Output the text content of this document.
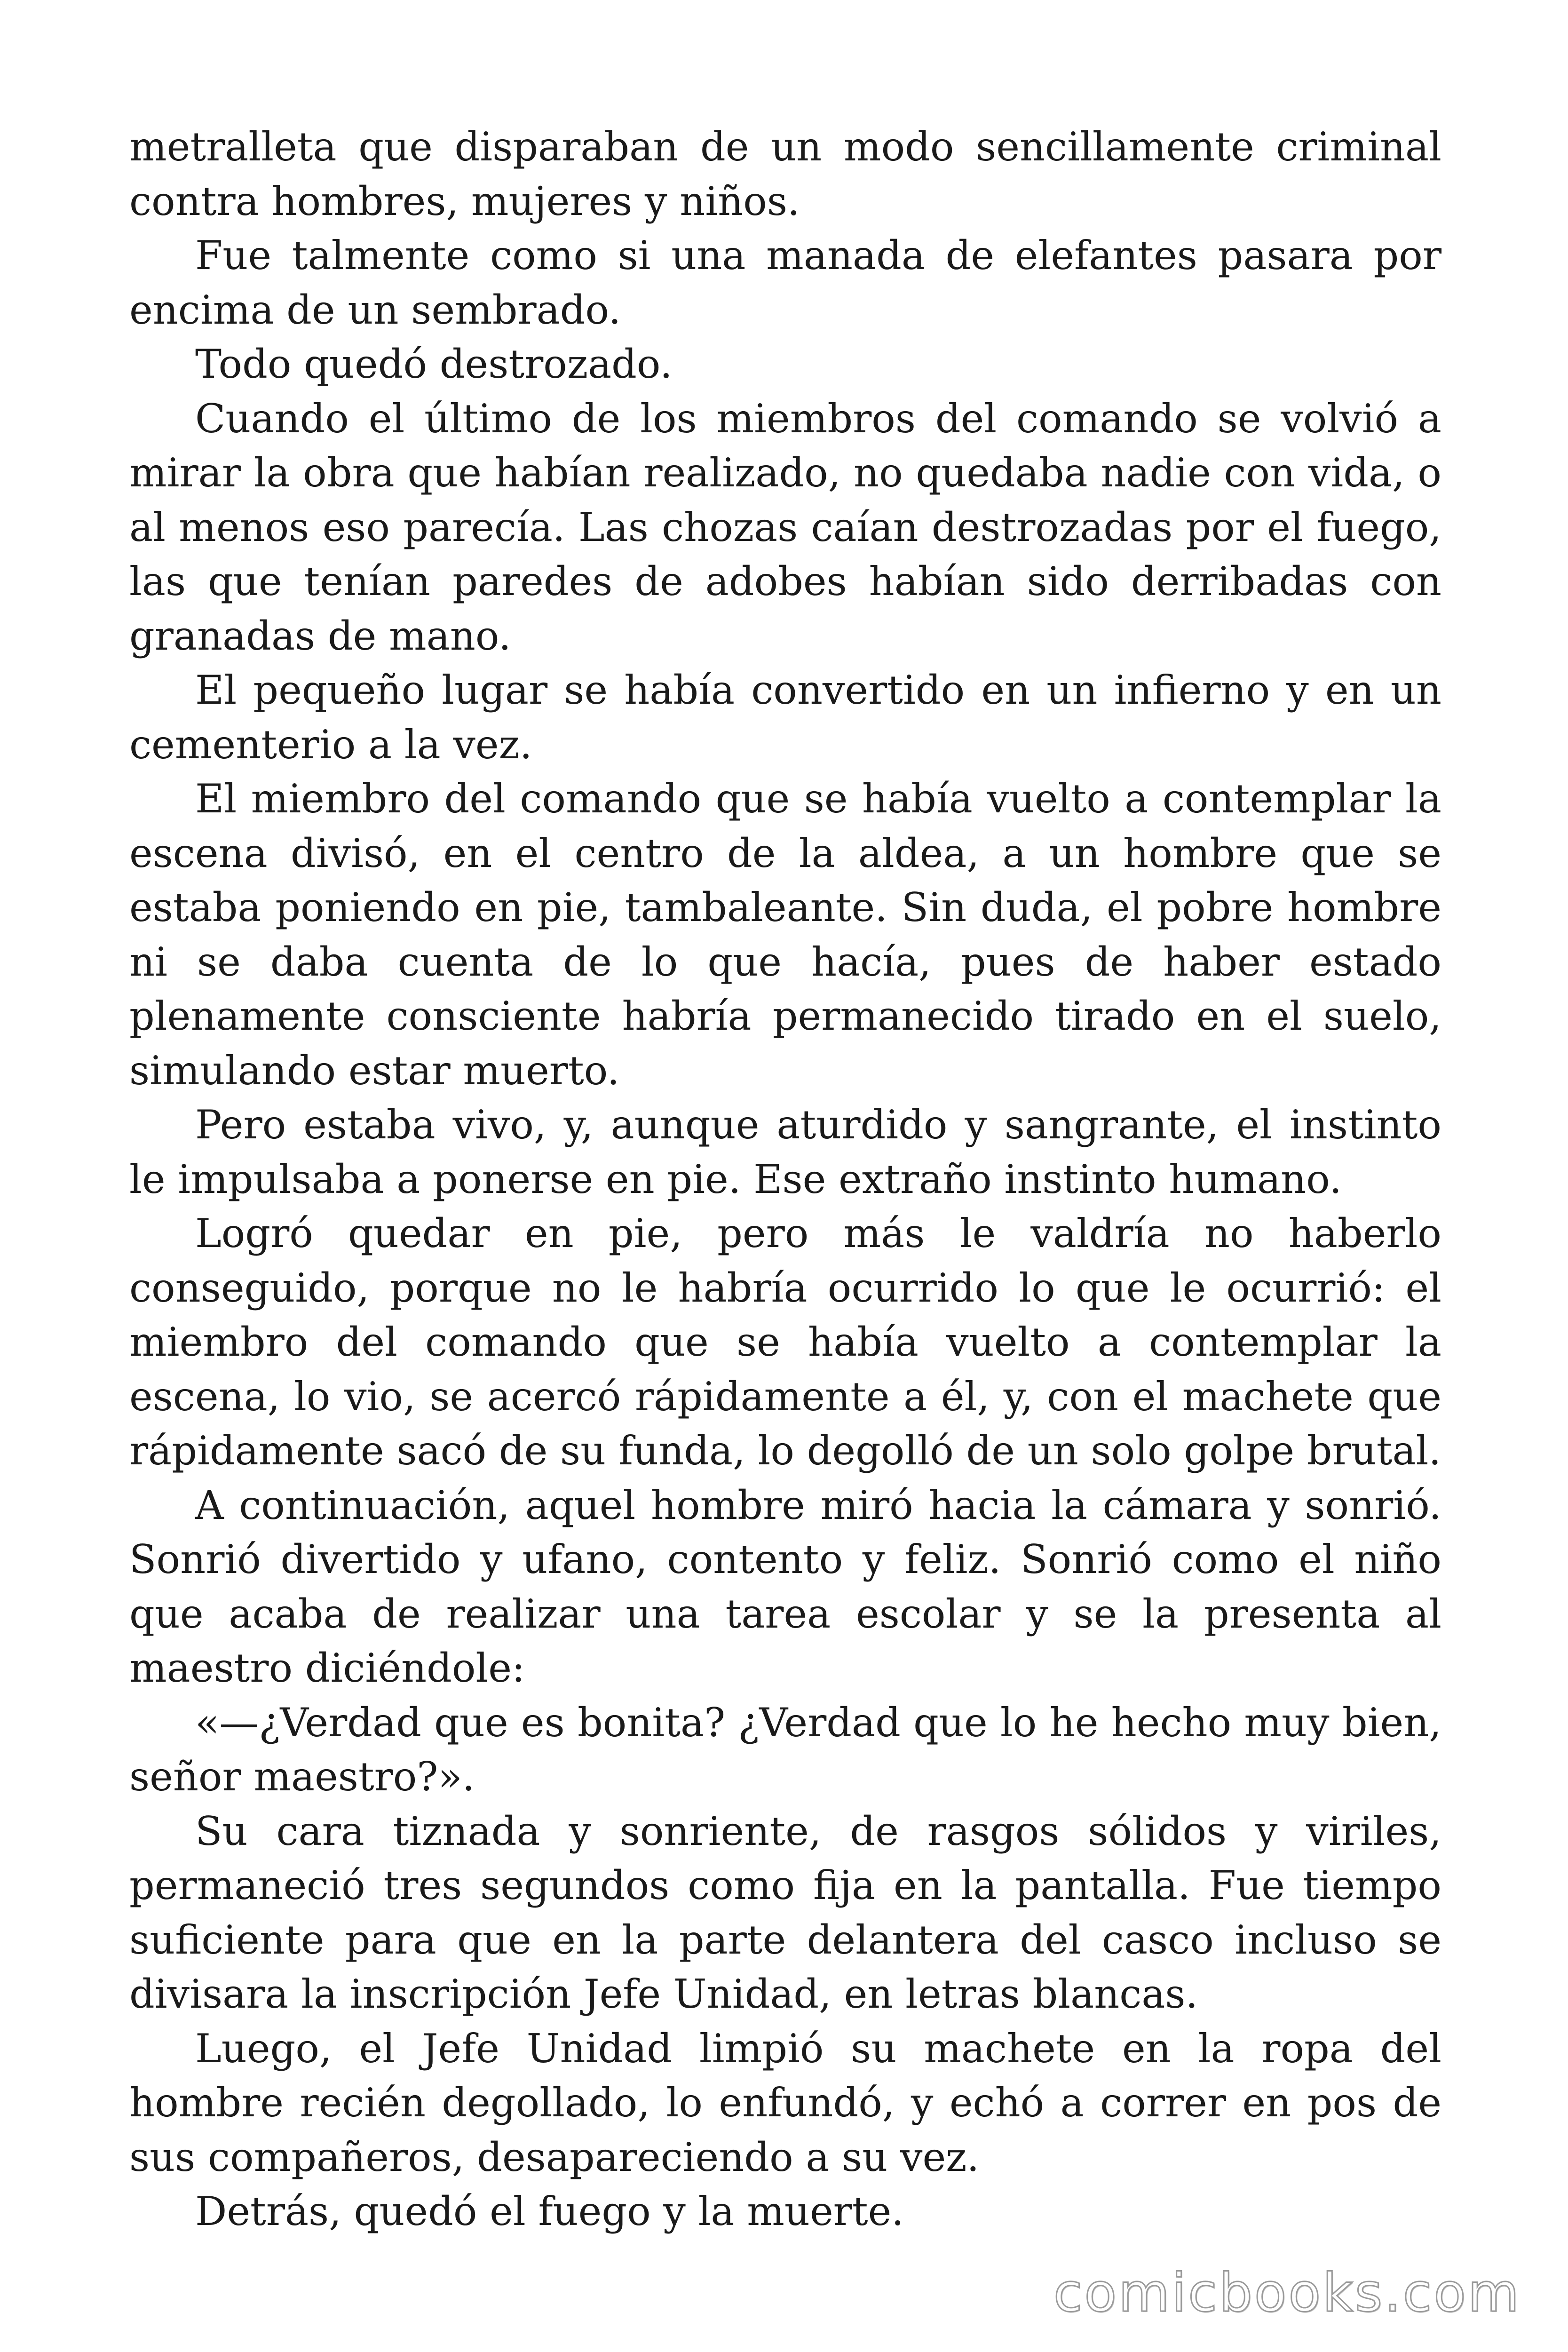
metralleta que disparaban de un modo sencillamente criminal contra hombres, mujeres y niños.

Fue talmente como si una manada de elefantes pasara por encima de un sembrado.

Todo quedó destrozado.

Cuando el último de los miembros del comando se volvió a mirar la obra que habían realizado, no quedaba nadie con vida, o al menos eso parecía. Las chozas caían destrozadas por el fuego, las que tenían paredes de adobes habían sido derribadas con granadas de mano.

El pequeño lugar se había convertido en un infierno y en un cementerio a la vez.

El miembro del comando que se había vuelto a contemplar la escena divisó, en el centro de la aldea, a un hombre que se estaba poniendo en pie, tambaleante. Sin duda, el pobre hombre ni se daba cuenta de lo que hacía, pues de haber estado plenamente consciente habría permanecido tirado en el suelo, simulando estar muerto.

Pero estaba vivo, y, aunque aturdido y sangrante, el instinto le impulsaba a ponerse en pie. Ese extraño instinto humano.

Logró quedar en pie, pero más le valdría no haberlo conseguido, porque no le habría ocurrido lo que le ocurrió: el miembro del comando que se había vuelto a contemplar la escena, lo vio, se acercó rápidamente a él, y, con el machete que rápidamente sacó de su funda, lo degolló de un solo golpe brutal.

A continuación, aquel hombre miró hacia la cámara y sonrió. Sonrió divertido y ufano, contento y feliz. Sonrió como el niño que acaba de realizar una tarea escolar y se la presenta al maestro diciéndole:

«—¿Verdad que es bonita? ¿Verdad que lo he hecho muy bien, señor maestro?».

Su cara tiznada y sonriente, de rasgos sólidos y viriles, permaneció tres segundos como fija en la pantalla. Fue tiempo suficiente para que en la parte delantera del casco incluso se divisara la inscripción Jefe Unidad, en letras blancas.

Luego, el Jefe Unidad limpió su machete en la ropa del hombre recién degollado, lo enfundó, y echó a correr en pos de sus compañeros, desapareciendo a su vez.

Detrás, quedó el fuego y la muerte.

comicbooks.com
